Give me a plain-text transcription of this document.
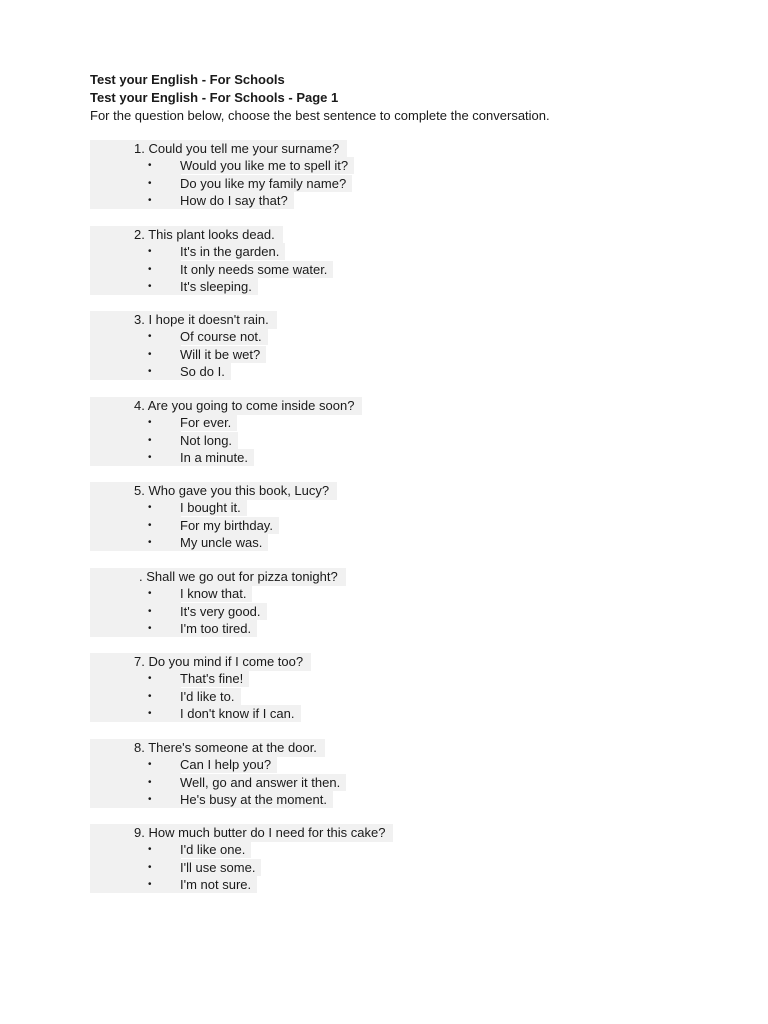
Test your English - For Schools
Test your English - For Schools - Page 1
For the question below, choose the best sentence to complete the conversation.
1. Could you tell me your surname?
• Would you like me to spell it?
• Do you like my family name?
• How do I say that?
2. This plant looks dead.
• It's in the garden.
• It only needs some water.
• It's sleeping.
3. I hope it doesn't rain.
• Of course not.
• Will it be wet?
• So do I.
4. Are you going to come inside soon?
• For ever.
• Not long.
• In a minute.
5. Who gave you this book, Lucy?
• I bought it.
• For my birthday.
• My uncle was.
. Shall we go out for pizza tonight?
• I know that.
• It's very good.
• I'm too tired.
7. Do you mind if I come too?
• That's fine!
• I'd like to.
• I don't know if I can.
8. There's someone at the door.
• Can I help you?
• Well, go and answer it then.
• He's busy at the moment.
9. How much butter do I need for this cake?
• I'd like one.
• I'll use some.
• I'm not sure.
